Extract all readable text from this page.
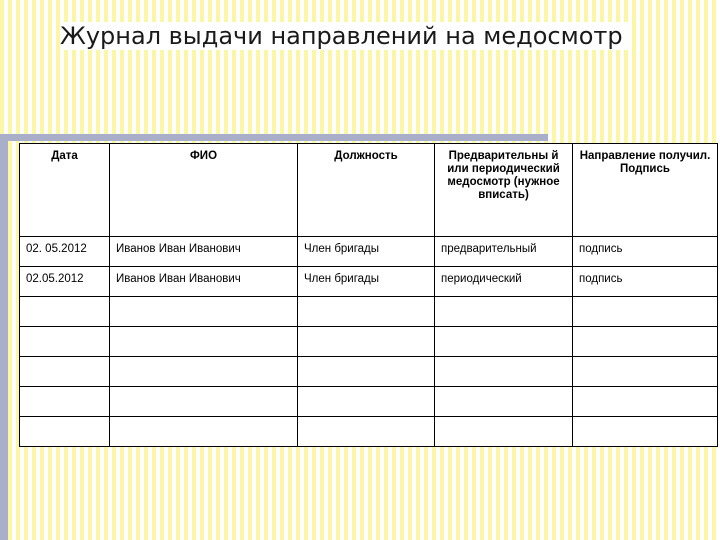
Журнал выдачи направлений на медосмотр
Дата	ФИО	Должность	Предварительны й или периодический медосмотр (нужное вписать)	Направление получил. Подпись
02. 05.2012	Иванов Иван Иванович	Член бригады	предварительный	подпись
02.05.2012	Иванов Иван Иванович	Член бригады	периодический	подпись
